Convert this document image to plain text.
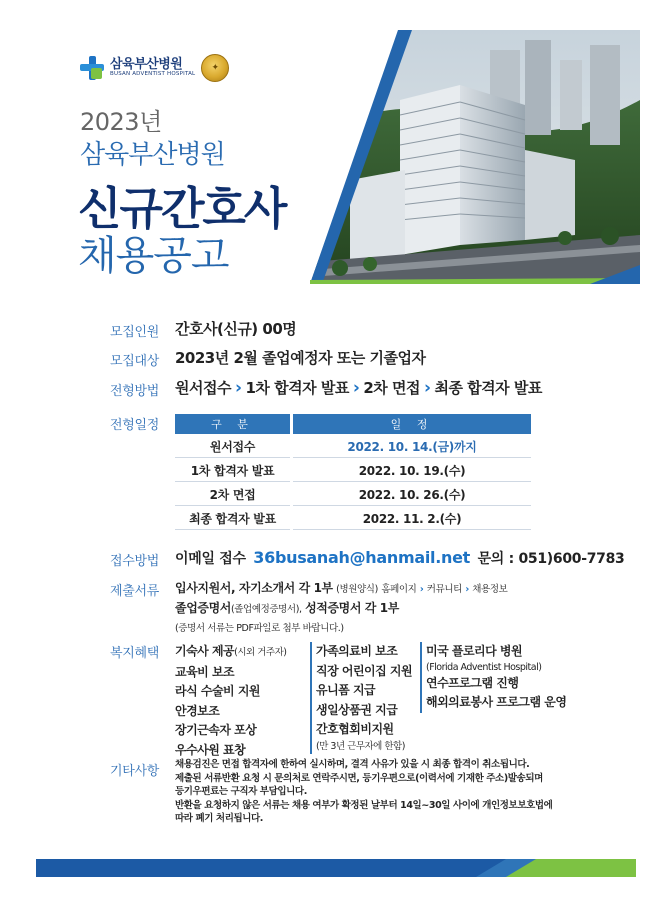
삼육부산병원
BUSAN ADVENTIST HOSPITAL
✦
2023년
삼육부산병원
신규간호사
채용공고
모집인원 간호사(신규) 00명
모집대상 2023년 2월 졸업예정자 또는 기졸업자
전형방법 원서접수 › 1차 합격자 발표 › 2차 면접 › 최종 합격자 발표
전형일정	구 분	일 정
원서접수	2022. 10. 14.(금)까지
1차 합격자 발표	2022. 10. 19.(수)
2차 면접	2022. 10. 26.(수)
최종 합격자 발표	2022. 11. 2.(수)
접수방법 이메일 접수 36busanah@hanmail.net 문의 : 051)600-7783
제출서류 입사지원서, 자기소개서 각 1부 (병원양식) 홈페이지 › 커뮤니티 › 채용정보
졸업증명서(졸업예정증명서), 성적증명서 각 1부
(증명서 서류는 PDF파일로 첨부 바랍니다.)
복지혜택 기숙사 제공(시외 거주자)
교육비 보조
라식 수술비 지원
안경보조
장기근속자 포상
우수사원 표창
가족의료비 보조
직장 어린이집 지원
유니폼 지급
생일상품권 지급
간호협회비지원
(만 3년 근무자에 한함)
미국 플로리다 병원
(Florida Adventist Hospital)
연수프로그램 진행
해외의료봉사 프로그램 운영
기타사항 채용검진은 면접 합격자에 한하여 실시하며, 결격 사유가 있을 시 최종 합격이 취소됩니다.
제출된 서류반환 요청 시 문의처로 연락주시면, 등기우편으로(이력서에 기재한 주소)발송되며
등기우편료는 구직자 부담입니다.
반환을 요청하지 않은 서류는 채용 여부가 확정된 날부터 14일~30일 사이에 개인정보보호법에
따라 폐기 처리됩니다.
